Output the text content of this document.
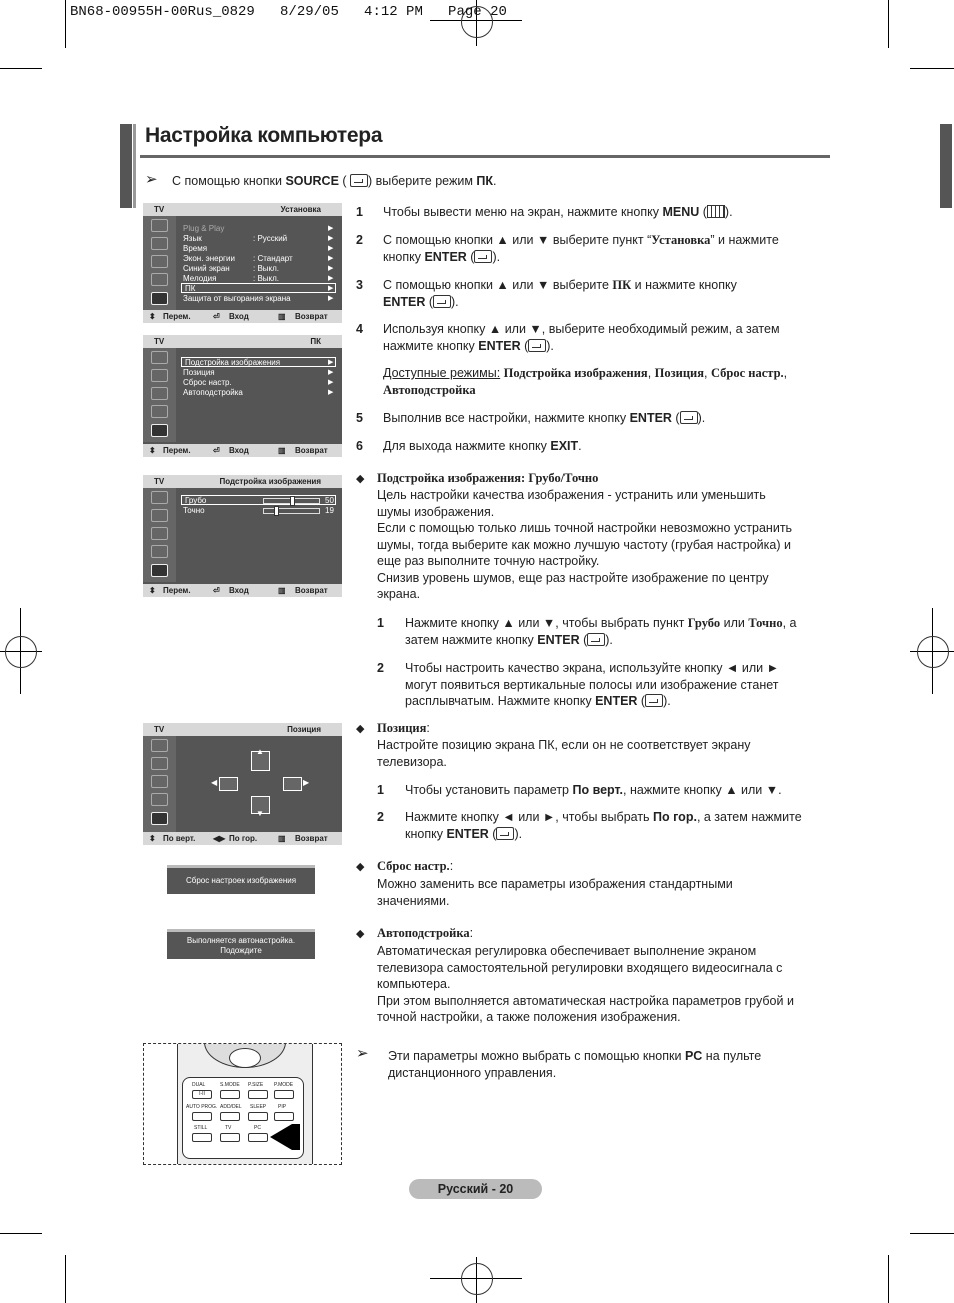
BN68-00955H-00Rus_0829   8/29/05   4:12 PM   Page 20
Настройка компьютера
➢ С помощью кнопки SOURCE ( ) выберите режим ПК.
1 Чтобы вывести меню на экран, нажмите кнопку MENU ( ).
2 С помощью кнопки ▲ или ▼ выберите пункт “Установка” и нажмите
кнопку ENTER ( ).
3 С помощью кнопки ▲ или ▼ выберите ПК и нажмите кнопку
ENTER ( ).
4 Используя кнопку ▲ или ▼, выберите необходимый режим, а затем
нажмите кнопку ENTER ( ).
Доступные режимы: Подстройка изображения, Позиция, Сброс настр.,
Автоподстройка
5 Выполнив все настройки, нажмите кнопку ENTER ( ).
6 Для выхода нажмите кнопку EXIT.
◆ Подстройка изображения: Грубо/Точно
Цель настройки качества изображения - устранить или уменьшить
шумы изображения.
Если с помощью только лишь точной настройки невозможно устранить
шумы, тогда выберите как можно лучшую частоту (грубая настройка) и
еще раз выполните точную настройку.
Снизив уровень шумов, еще раз настройте изображение по центру
экрана.
1 Нажмите кнопку ▲ или ▼, чтобы выбрать пункт Грубо или Точно, а
затем нажмите кнопку ENTER ( ).
2 Чтобы настроить качество экрана, используйте кнопку ◄ или ►
могут появиться вертикальные полосы или изображение станет
расплывчатым. Нажмите кнопку ENTER ( ).
◆ Позиция:
Настройте позицию экрана ПК, если он не соответствует экрану
телевизора.
1 Чтобы установить параметр По верт., нажмите кнопку ▲ или ▼.
2 Нажмите кнопку ◄ или ►, чтобы выбрать По гор., а затем нажмите
кнопку ENTER ( ).
◆ Сброс настр.:
Можно заменить все параметры изображения стандартными
значениями.
◆ Автоподстройка:
Автоматическая регулировка обеспечивает выполнение экраном
телевизора самостоятельной регулировки входящего видеосигнала с
компьютера.
При этом выполняется автоматическая настройка параметров грубой и
точной настройки, а также положения изображения.
➢ Эти параметры можно выбрать с помощью кнопки PC на пульте
дистанционного управления.
TV	Установка
Plug & Play
Язык	: Русский
Время
Экон. энергии : Стандарт
Синий экран	: Выкл.
Мелодия	: Выкл.
ПК
Защита от выгорания экрана
▶
▶
▶
▶
▶
▶
▶
▶
⬍ Перем.	⏎ Вход	▥ Возврат
TV	ПК
Подстройка изображения
Позиция
Сброс настр.
Автоподстройка
▶
▶
▶
▶
⬍ Перем.	⏎ Вход	▥ Возврат
TV	Подстройка изображения
Грубо	50
Точно	19
⬍ Перем.	⏎ Вход	▥ Возврат
TV	Позиция
▲
◀	▶
▼
⬍ По верт. ◀▶ По гор.	▥ Возврат
Сброс настроек изображения завершен
Выполняется автонастройка.
Подождите
DUAL	S.MODE P.SIZE P.MODE
I-II
AUTO PROG. ADD/DEL SLEEP PIP
STILL	TV	PC
Русский - 20
